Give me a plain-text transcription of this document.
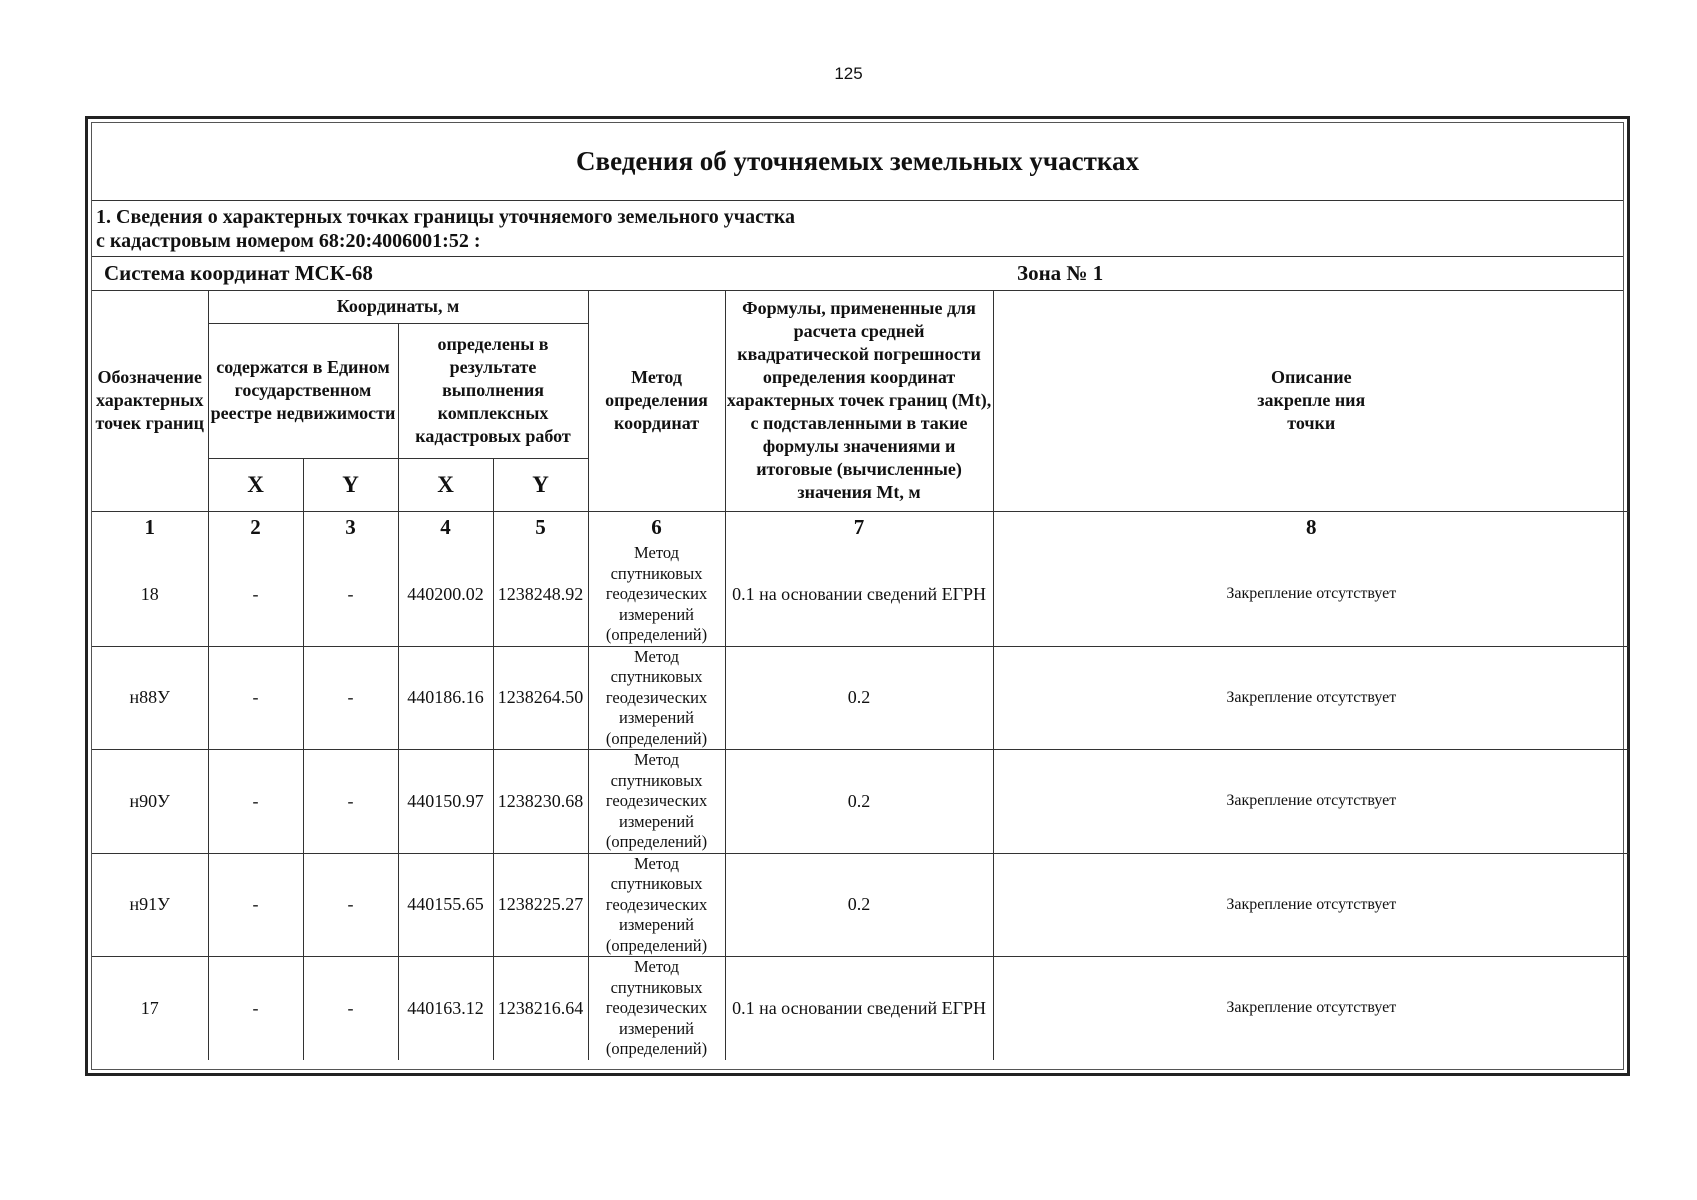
125
Сведения об уточняемых земельных участках
1. Сведения о характерных точках границы уточняемого земельного участка
с кадастровым номером 68:20:4006001:52 :
Система координат МСК-68	Зона № 1
Обозначение характерных точек границ	Координаты, м				Метод определения координат	Формулы, примененные для расчета средней квадратической погрешности определения координат характерных точек границ (Mt), с подставленными в такие формулы значениями и итоговые (вычисленные) значения Mt, м	Описание закрепле ния точки
	содержатся в Едином государственном реестре недвижимости		определены в результате выполнения комплексных кадастровых работ				
	X	Y	X	Y			
1	2	3	4	5	6	7	8
18	-	-	440200.02	1238248.92	Метод спутниковых геодезических измерений (определений)	0.1 на основании сведений ЕГРН	Закрепление отсутствует
н88У	-	-	440186.16	1238264.50	Метод спутниковых геодезических измерений (определений)	0.2	Закрепление отсутствует
н90У	-	-	440150.97	1238230.68	Метод спутниковых геодезических измерений (определений)	0.2	Закрепление отсутствует
н91У	-	-	440155.65	1238225.27	Метод спутниковых геодезических измерений (определений)	0.2	Закрепление отсутствует
17	-	-	440163.12	1238216.64	Метод спутниковых геодезических измерений (определений)	0.1 на основании сведений ЕГРН	Закрепление отсутствует
